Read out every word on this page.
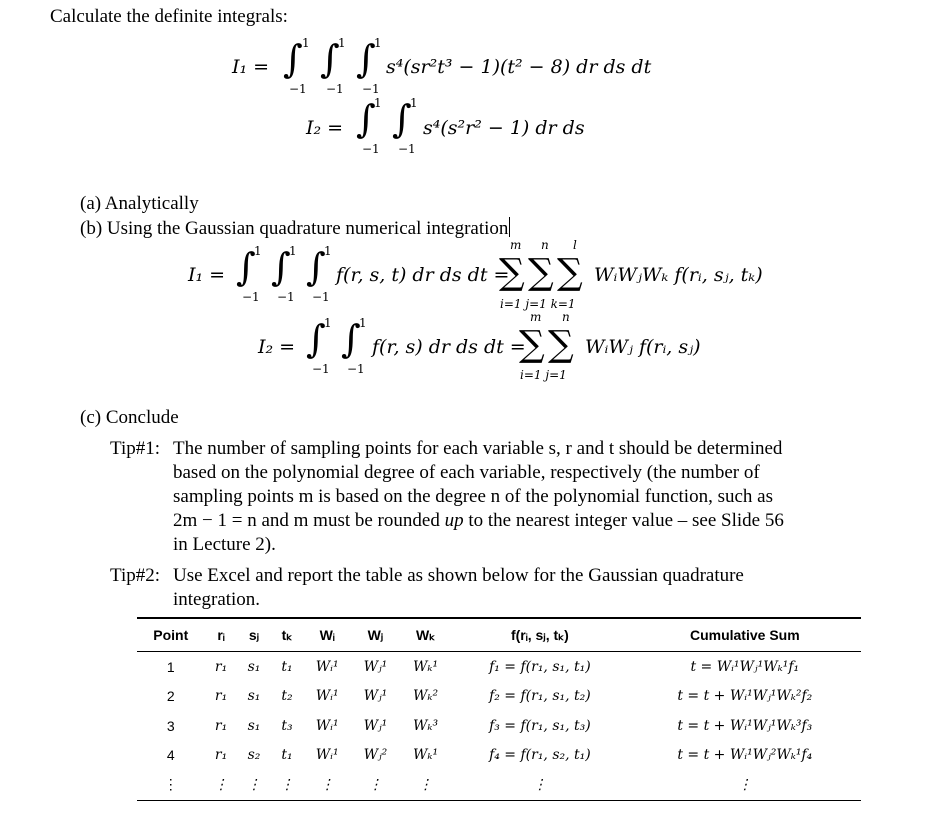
Calculate the definite integrals:
I₁ = ∫ ∫ ∫
1 1 1
−1 −1 −1
s⁴(sr²t³ − 1)(t² − 8) dr ds dt
I₂ = ∫ ∫
1 1
−1 −1
s⁴(s²r² − 1) dr ds
(a) Analytically
(b) Using the Gaussian quadrature numerical integration
I₁ = ∫ ∫ ∫
1 1 1
−1 −1 −1
f(r, s, t) dr ds dt =
∑ ∑ ∑
m n l
i=1 j=1 k=1
WᵢWⱼWₖ f(rᵢ, sⱼ, tₖ)
I₂ = ∫ ∫
1 1
−1 −1
f(r, s) dr ds dt =
∑ ∑
m n
i=1 j=1
WᵢWⱼ f(rᵢ, sⱼ)
(c) Conclude
Tip#1: The number of sampling points for each variable s, r and t should be determined
based on the polynomial degree of each variable, respectively (the number of
sampling points m is based on the degree n of the polynomial function, such as
2m − 1 = n and m must be rounded up to the nearest integer value – see Slide 56
in Lecture 2).
Tip#2: Use Excel and report the table as shown below for the Gaussian quadrature
integration.
Point	rᵢ	sⱼ	tₖ	Wᵢ	Wⱼ	Wₖ	f(rᵢ, sⱼ, tₖ)	Cumulative Sum
1	r₁	s₁	t₁	Wᵢ¹	Wⱼ¹	Wₖ¹	f₁ = f(r₁, s₁, t₁)	t = Wᵢ¹Wⱼ¹Wₖ¹f₁
2	r₁	s₁	t₂	Wᵢ¹	Wⱼ¹	Wₖ²	f₂ = f(r₁, s₁, t₂)	t = t + Wᵢ¹Wⱼ¹Wₖ²f₂
3	r₁	s₁	t₃	Wᵢ¹	Wⱼ¹	Wₖ³	f₃ = f(r₁, s₁, t₃)	t = t + Wᵢ¹Wⱼ¹Wₖ³f₃
4	r₁	s₂	t₁	Wᵢ¹	Wⱼ²	Wₖ¹	f₄ = f(r₁, s₂, t₁)	t = t + Wᵢ¹Wⱼ²Wₖ¹f₄
⋮	⋮	⋮	⋮	⋮	⋮	⋮	⋮	⋮
